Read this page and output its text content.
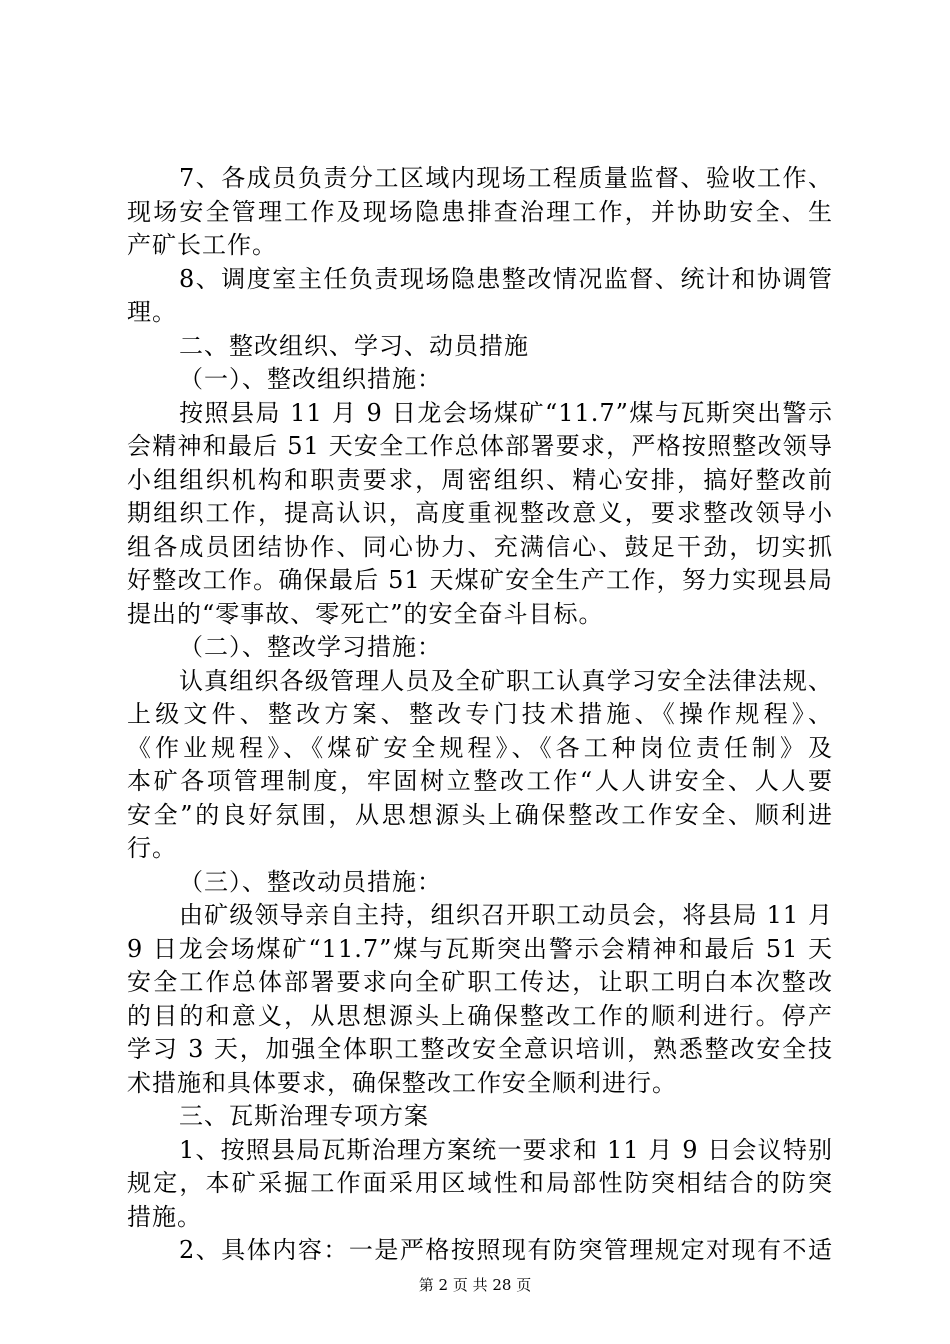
7、各成员负责分工区域内现场工程质量监督、验收工作、
现场安全管理工作及现场隐患排查治理工作，并协助安全、生
产矿长工作。
8、调度室主任负责现场隐患整改情况监督、统计和协调管
理。
二、整改组织、学习、动员措施
（一）、整改组织措施：
按照县局 11 月 9 日龙会场煤矿“11.7”煤与瓦斯突出警示
会精神和最后 51 天安全工作总体部署要求，严格按照整改领导
小组组织机构和职责要求，周密组织、精心安排，搞好整改前
期组织工作，提高认识，高度重视整改意义，要求整改领导小
组各成员团结协作、同心协力、充满信心、鼓足干劲，切实抓
好整改工作。确保最后 51 天煤矿安全生产工作，努力实现县局
提出的“零事故、零死亡”的安全奋斗目标。
（二）、整改学习措施：
认真组织各级管理人员及全矿职工认真学习安全法律法规、
上级文件、整改方案、整改专门技术措施、《操作规程》、
《作业规程》、《煤矿安全规程》、《各工种岗位责任制》及
本矿各项管理制度，牢固树立整改工作“人人讲安全、人人要
安全”的良好氛围，从思想源头上确保整改工作安全、顺利进
行。
（三）、整改动员措施：
由矿级领导亲自主持，组织召开职工动员会，将县局 11 月
9 日龙会场煤矿“11.7”煤与瓦斯突出警示会精神和最后 51 天
安全工作总体部署要求向全矿职工传达，让职工明白本次整改
的目的和意义，从思想源头上确保整改工作的顺利进行。停产
学习 3 天，加强全体职工整改安全意识培训，熟悉整改安全技
术措施和具体要求，确保整改工作安全顺利进行。
三、瓦斯治理专项方案
1、按照县局瓦斯治理方案统一要求和 11 月 9 日会议特别
规定，本矿采掘工作面采用区域性和局部性防突相结合的防突
措施。
2、具体内容：一是严格按照现有防突管理规定对现有不适
第 2 页 共 28 页
